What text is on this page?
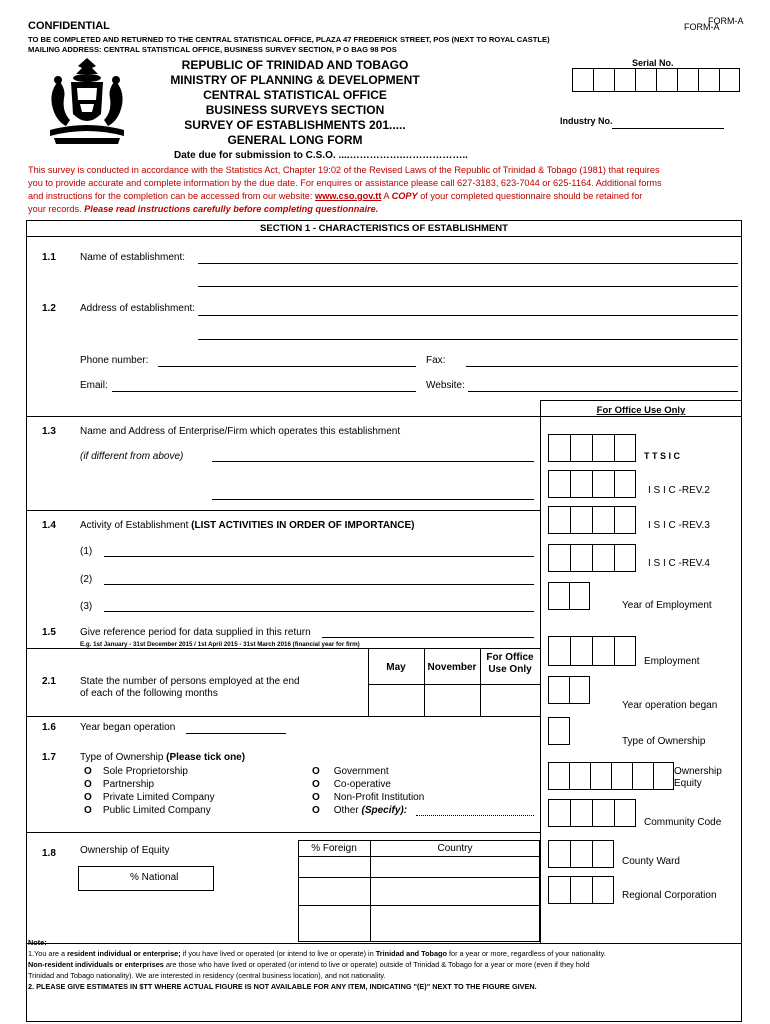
FORM-A
FORM-A
CONFIDENTIAL
TO BE COMPLETED AND RETURNED TO THE CENTRAL STATISTICAL OFFICE, PLAZA 47 FREDERICK STREET, POS (NEXT TO ROYAL CASTLE)
MAILING ADDRESS: CENTRAL STATISTICAL OFFICE, BUSINESS SURVEY SECTION, P O BAG 98 POS
REPUBLIC OF TRINIDAD AND TOBAGO
MINISTRY OF PLANNING & DEVELOPMENT
CENTRAL STATISTICAL OFFICE
BUSINESS SURVEYS SECTION
SURVEY OF ESTABLISHMENTS 201.....
GENERAL LONG FORM
Serial No.
Industry No.
Date due for submission to C.S.O. ....…………….………………..
This survey is conducted in accordance with the Statistics Act, Chapter 19:02 of the Revised Laws of the Republic of Trinidad & Tobago (1981) that requires
you to provide accurate and complete information by the due date. For enquires or assistance please call 627-3183, 623-7044 or 625-1164. Additional forms
and instructions for the completion can be accessed from our website: www.cso.gov.tt A COPY of your completed questionnaire should be retained for
your records. Please read instructions carefully before completing questionnaire.
SECTION 1 - CHARACTERISTICS OF ESTABLISHMENT
1.1 Name of establishment:
1.2 Address of establishment:
Phone number:	Fax:
Email:	Website:
For Office Use Only
1.3 Name and Address of Enterprise/Firm which operates this establishment
(if different from above)	T T S I C
I S I C -REV.2
I S I C -REV.3
I S I C -REV.4
Year of Employment
Employment
Year operation began
Type of Ownership
Ownership
Equity
Community Code
County Ward
Regional Corporation
1.4 Activity of Establishment (LIST ACTIVITIES IN ORDER OF IMPORTANCE)
(1)
(2)
(3)
1.5 Give reference period for data supplied in this return
E.g. 1st January - 31st December 2015 / 1st April 2015 - 31st March 2016 (financial year for firm)
May	November
For Office
Use Only
2.1 State the number of persons employed at the end
of each of the following months
1.6 Year began operation
1.7 Type of Ownership (Please tick one)
O Sole Proprietorship
O Partnership
O Private Limited Company
O Public Limited Company
O Government
O Co-operative
O Non-Profit Institution
O Other (Specify):
1.8 Ownership of Equity	% Foreign	Country
% National
Note:
1.You are a resident individual or enterprise; if you have lived or operated (or intend to live or operate) in Trinidad and Tobago for a year or more, regardless of your nationality.
Non-resident individuals or enterprises are those who have lived or operated (or intend to live or operate) outside of Trinidad & Tobago for a year or more (even if they hold
Trinidad and Tobago nationality). We are interested in residency (central business location), and not nationality.
2. PLEASE GIVE ESTIMATES IN $TT WHERE ACTUAL FIGURE IS NOT AVAILABLE FOR ANY ITEM, INDICATING "(E)" NEXT TO THE FIGURE GIVEN.
